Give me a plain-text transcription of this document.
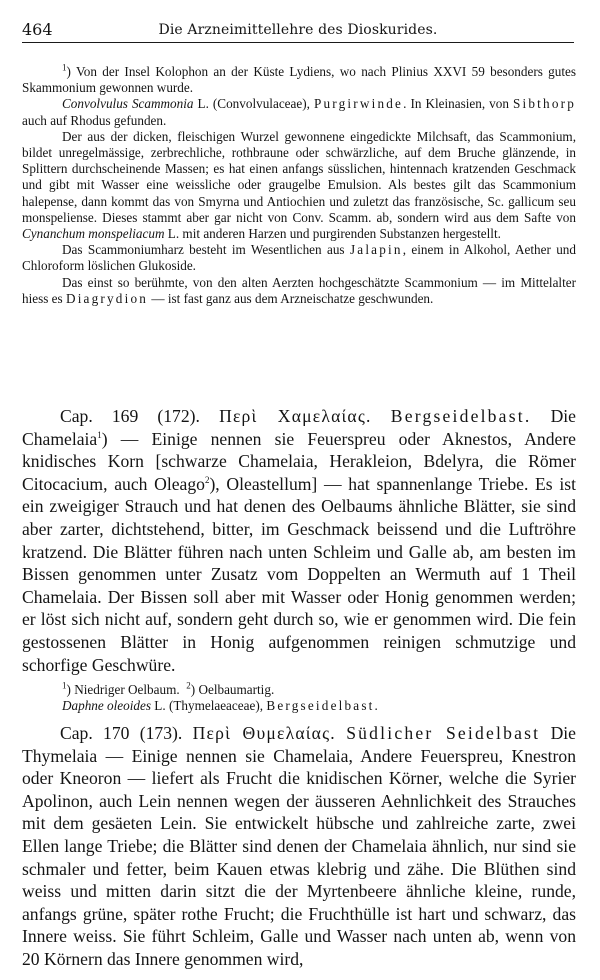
464	Die Arzneimittellehre des Dioskurides.

$^1$) Von der Insel Kolophon an der Küste Lydiens, wo nach Plinius XXVI 59 besonders gutes Skammonium gewonnen wurde.

Convolvulus Scammonia L. (Convolvulaceae), Purgirwinde. In Kleinasien, von Sibthorp auch auf Rhodus gefunden.

Der aus der dicken, fleischigen Wurzel gewonnene eingedickte Milchsaft, das Scammonium, bildet unregelmässige, zerbrechliche, rothbraune oder schwärzliche, auf dem Bruche glänzende, in Splittern durchscheinende Massen; es hat einen anfangs süsslichen, hintennach kratzenden Geschmack und gibt mit Wasser eine weissliche oder graugelbe Emulsion. Als bestes gilt das Scammonium halepense, dann kommt das von Smyrna und Antiochien und zuletzt das französische, Sc. gallicum seu monspeliense. Dieses stammt aber gar nicht von Conv. Scamm. ab, sondern wird aus dem Safte von Cynanchum monspeliacum L. mit anderen Harzen und purgirenden Substanzen hergestellt.

Das Scammoniumharz besteht im Wesentlichen aus Jalapin, einem in Alkohol, Aether und Chloroform löslichen Glukoside.

Das einst so berühmte, von den alten Aerzten hochgeschätzte Scammonium — im Mittelalter hiess es Diagrydion — ist fast ganz aus dem Arzneischatze geschwunden.

Cap. 169 (172). Περὶ Χαμελαίας. Bergseidelbast. Die Chamelaia$^1$) — Einige nennen sie Feuerspreu oder Aknestos, Andere knidisches Korn [schwarze Chamelaia, Herakleion, Bdelyra, die Römer Citocacium, auch Oleago$^2$), Oleastellum] — hat spannenlange Triebe. Es ist ein zweigiger Strauch und hat denen des Oelbaums ähnliche Blätter, sie sind aber zarter, dichtstehend, bitter, im Geschmack beissend und die Luftröhre kratzend. Die Blätter führen nach unten Schleim und Galle ab, am besten im Bissen genommen unter Zusatz vom Doppelten an Wermuth auf 1 Theil Chamelaia. Der Bissen soll aber mit Wasser oder Honig genommen werden; er löst sich nicht auf, sondern geht durch so, wie er genommen wird. Die fein gestossenen Blätter in Honig aufgenommen reinigen schmutzige und schorfige Geschwüre.

$^1$) Niedriger Oelbaum. $^2$) Oelbaumartig.

Daphne oleoides L. (Thymelaeaceae), Bergseidelbast.

Cap. 170 (173). Περὶ Θυμελαίας. Südlicher Seidelbast Die Thymelaia — Einige nennen sie Chamelaia, Andere Feuerspreu, Knestron oder Kneoron — liefert als Frucht die knidischen Körner, welche die Syrier Apolinon, auch Lein nennen wegen der äusseren Aehnlichkeit des Strauches mit dem gesäeten Lein. Sie entwickelt hübsche und zahlreiche zarte, zwei Ellen lange Triebe; die Blätter sind denen der Chamelaia ähnlich, nur sind sie schmaler und fetter, beim Kauen etwas klebrig und zähe. Die Blüthen sind weiss und mitten darin sitzt die der Myrtenbeere ähnliche kleine, runde, anfangs grüne, später rothe Frucht; die Fruchthülle ist hart und schwarz, das Innere weiss. Sie führt Schleim, Galle und Wasser nach unten ab, wenn von 20 Körnern das Innere genommen wird,
